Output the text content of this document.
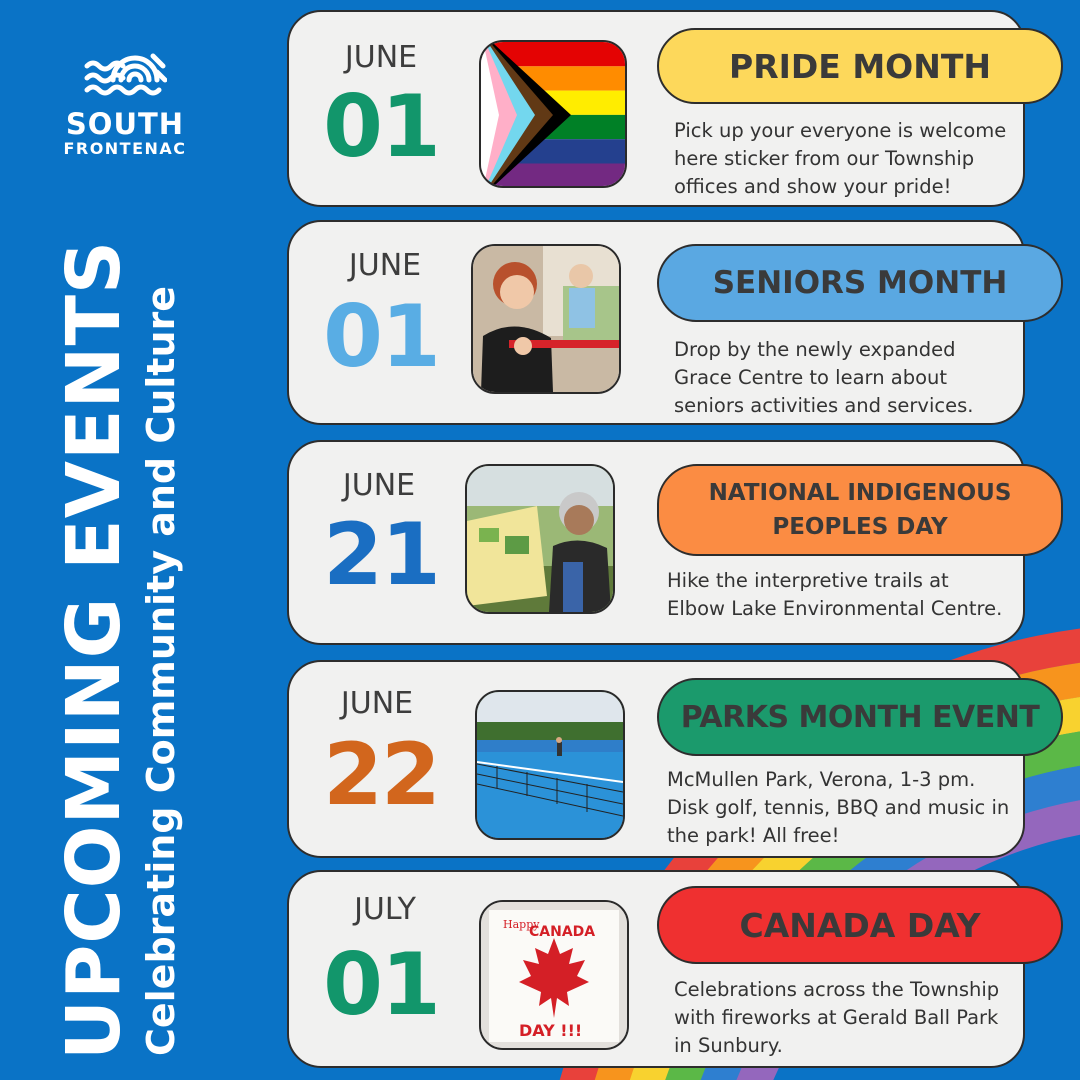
SOUTH
FRONTENAC
UPCOMING EVENTS Celebrating Community and Culture
JUNE
01
PRIDE MONTH
Pick up your everyone is welcome here sticker from our Township offices and show your pride!
JUNE
01
SENIORS MONTH
Drop by the newly expanded Grace Centre to learn about seniors activities and services.
JUNE
21
NATIONAL INDIGENOUS PEOPLES DAY
Hike the interpretive trails at Elbow Lake Environmental Centre.
JUNE
22
PARKS MONTH EVENT
McMullen Park, Verona, 1-3 pm. Disk golf, tennis, BBQ and music in the park! All free!
JULY
01
Happy
CANADA
DAY !!!
CANADA DAY
Celebrations across the Township with fireworks at Gerald Ball Park in Sunbury.
